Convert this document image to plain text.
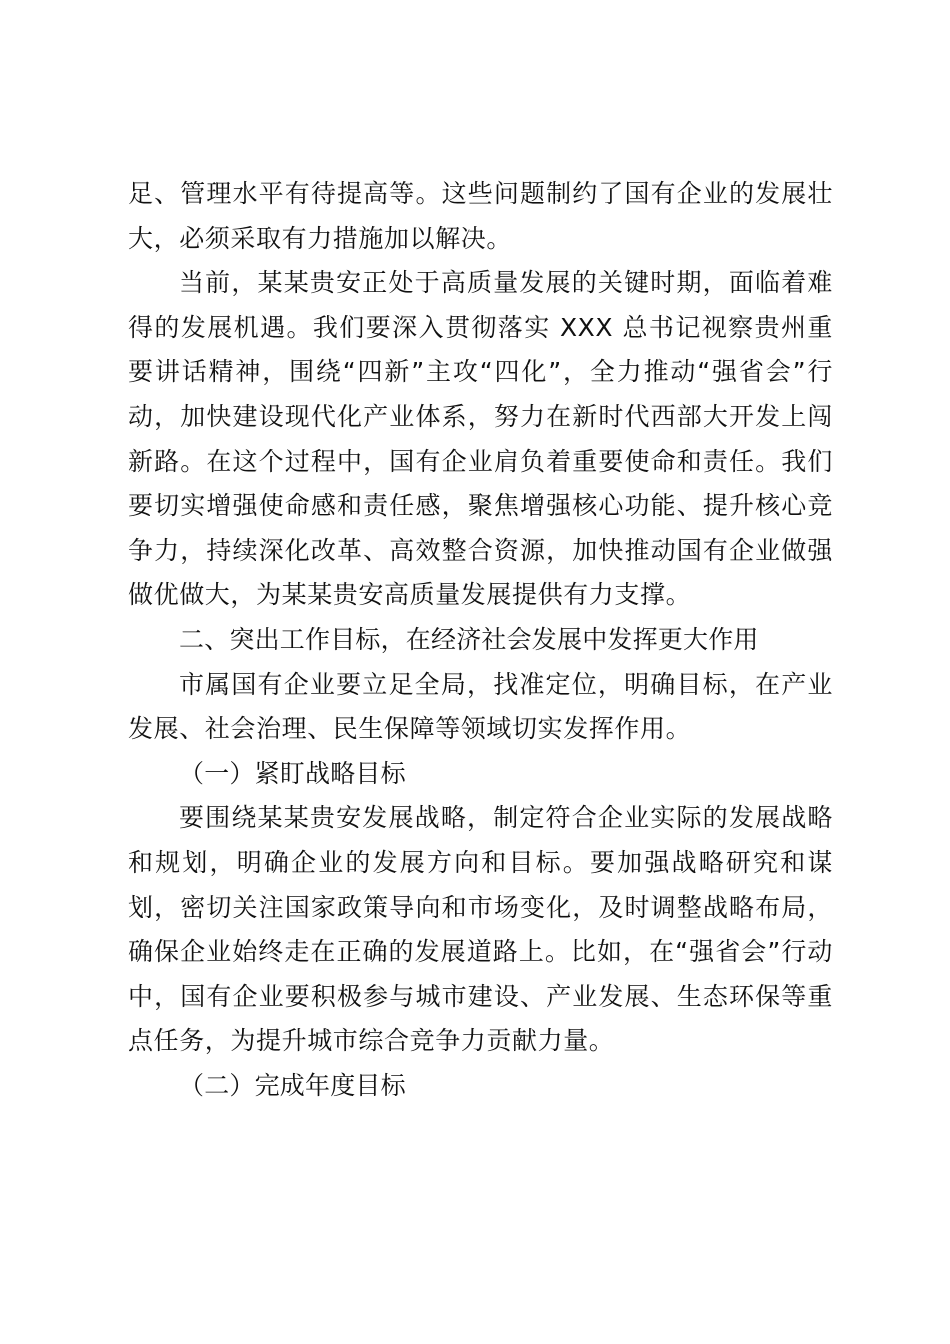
足、管理水平有待提高等。这些问题制约了国有企业的发展壮大，必须采取有力措施加以解决。

当前，某某贵安正处于高质量发展的关键时期，面临着难得的发展机遇。我们要深入贯彻落实 XXX 总书记视察贵州重要讲话精神，围绕“四新”主攻“四化”，全力推动“强省会”行动，加快建设现代化产业体系，努力在新时代西部大开发上闯新路。在这个过程中，国有企业肩负着重要使命和责任。我们要切实增强使命感和责任感，聚焦增强核心功能、提升核心竞争力，持续深化改革、高效整合资源，加快推动国有企业做强做优做大，为某某贵安高质量发展提供有力支撑。

二、突出工作目标，在经济社会发展中发挥更大作用

市属国有企业要立足全局，找准定位，明确目标，在产业发展、社会治理、民生保障等领域切实发挥作用。

（一）紧盯战略目标

要围绕某某贵安发展战略，制定符合企业实际的发展战略和规划，明确企业的发展方向和目标。要加强战略研究和谋划，密切关注国家政策导向和市场变化，及时调整战略布局，确保企业始终走在正确的发展道路上。比如，在“强省会”行动中，国有企业要积极参与城市建设、产业发展、生态环保等重点任务，为提升城市综合竞争力贡献力量。

（二）完成年度目标
